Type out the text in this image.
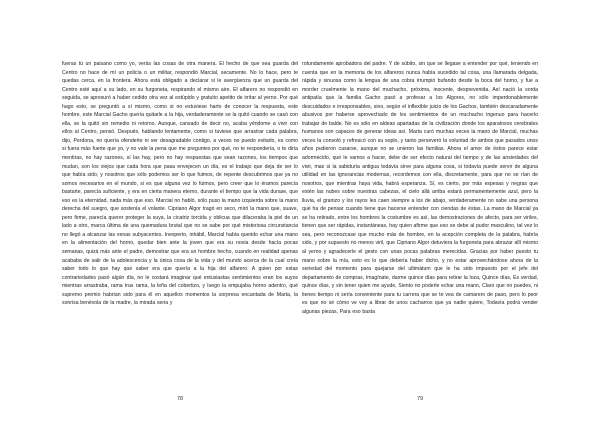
fueras tú un paisano como yo, verás las cosas de otra manera. El hecho de que sea guarda del Centro no hace de mí un policía o un militar, respondió Marcial, secamente. No lo hace, pero te quedas cerca, en la frontera. Ahora está obligado a declarar si le avergüenza que un guarda del Centro esté aquí a su lado, en su furgoneta, respirando el mismo aire. El alfarero no respondió en seguida, se apresuró a haber cedido otra vez al estúpido y gratuito apetito de irritar al yerno. Por qué hago esto, se preguntó a sí mismo, como si no estuviese harto de conocer la respuesta, este hombre, este Marcial Gacho quería quitarle a la hija, verdaderamente se la quitó cuando se casó con ella, se la quitó sin remedio ni retorno. Aunque, cansado de decir no, acaba yéndome a vivir con ellos al Centro, pensó. Después, hablando lentamente, como si tuviese que arrastrar cada palabra, dijo, Perdona, no quería ofenderte ni ser desagradable contigo, a veces no puedo evitarlo, es como si fuera más fuerte que yo, y no vale la pena que me preguntes por qué, no te respondería, o te diría mentiras, no hay razones, sí las hay, pero no hay respuestas que sean razones, los tiempos que mudan, son los viejos que cada hora que pasa envejecen un día, es el trabajo que deja de ser lo que había sido, y nosotros que sólo podemos ser lo que fuimos, de repente descubrimos que ya no somos necesarios en el mundo, si es que alguna vez lo fuimos, pero creer que lo éramos parecía bastarte, parecía suficiente, y era en cierta manera eterno, durante el tiempo que la vida durase, que eso es la eternidad, nada más que eso. Marcial no habló, sólo puso la mano izquierda sobre la mano derecha del suegro, que sostenía el volante. Cipriano Algor tragó en seco, miró la mano que, suave, pero firme, parecía querer proteger la suya, la cicatriz torcida y oblicua que dilaceraba la piel de un lado a otro, marca última de una quemadura brutal que no se sabe por qué misteriosa circunstancia no llegó a alcanzar las venas subyacentes. Inexperto, inhábil, Marcial había querido echar una mano en la alimentación del horno, quedar bien ante la joven que era su novia desde hacía pocas semanas, quizá más ante el padre, demostrar que era un hombre hecho, cuando en realidad apenas acababa de salir de la adolescencia y la única cosa de la vida y del mundo acerca de la cual creía saber todo lo que hay que saber era que quería a la hija del alfarero. A quien por estas contrariedades pasó algún día, no le costará imaginar qué entusiastas sentimientos eran los suyos mientras arrastraba, rama tras rama, la leña del cobertizo, y luego la empujaba horno adentro, qué supremo premio habrían sido para él en aquellos momentos la sorpresa encantada de Marta, la sonrisa benévola de la madre, la mirada seria y

78

rotundamente aprobadora del padre. Y de súbito, sin que se llegase a entender por qué, teniendo en cuenta que en la memoria de los alfareros nunca había sucedido tal cosa, una llamarada delgada, rápida y sinuosa como la lengua de una cobra irrumpió bufando desde la boca del horno, y fue a morder cruelmente la mano del muchacho, próxima, inocente, desprevenida. Así nació la sorda antipatía que la familia Gacho pasó a profesar a los Algores, no sólo imperdonablemente descuidados e irresponsables, sino, según el inflexible juicio de los Gachos, también descaradamente abusivos por haberse aprovechado de los sentimientos de un muchacho ingenuo para hacerlo trabajar de balde. No es sólo en aldeas apartadas de la civilización donde los aparatosos cerebrales humanos son capaces de generar ideas así. Marta curó muchas veces la mano de Marcial, muchas veces la consoló y refrescó con su soplo, y tanto perseveró la voluntad de ambos que pasados unos años pudieron casarse, aunque no se unieron las familias. Ahora el amor de éstos parece estar adormecido, qué le vamos a hacer, debe de ser efecto natural del tiempo y de las ansiedades del vivir, mas si la sabiduría antigua todavía sirve para alguna cosa, si todavía puede servir de alguna utilidad en las ignorancias modernas, recordemos con ella, discretamente, para que no se rían de nosotros, que mientras haya vida, habrá esperanza. Sí, es cierto, por más espesas y negras que estén las nubes sobre nuestras cabezas, el cielo allá arriba estará permanentemente azul, pero la lluvia, el granizo y los rayos les caen siempre a los de abajo, verdaderamente no sabe una persona qué ha de pensar cuando tiene que hacerse entender con ciendas de éstas. La mano de Marcial ya se ha retirado, entre los hombres la costumbre es así, las demostraciones de afecto, para ser viriles, tienen que ser rápidas, instantáneas, hay quien afirme que eso se debe al pudor masculino, tal vez lo sea, pero reconozcase que mucho más de hombre, en la acepción completa de la palabra, habría sido, y por supuesto no menos viril, que Cipriano Algor detuviera la furgoneta para abrazar allí mismo al yerno y agradecerle el gesto con unas pocas palabras merecidas. Gracias por haber puesto tu mano sobre la mía, esto es lo que debería haber dicho, y no estar aprovechándose ahora de la seriedad del momento para quejarse del ultimátum que le ha sido impuesto por el jefe del departamento de compras, Imagínate, darme quince días para retirar la loza, Quince días, Es verdad, quince días, y sin tener quien me ayude, Siento no poderle echar una mano, Claro que no puedes, ni tienes tiempo ni sería conveniente para tu carrera que se te vea de camarero de paso, pero lo peor es que no sé cómo ve voy a librar de unos cacharros que ya nadie quiere, Todavía podrá vender algunas piezas, Para eso basta

79
